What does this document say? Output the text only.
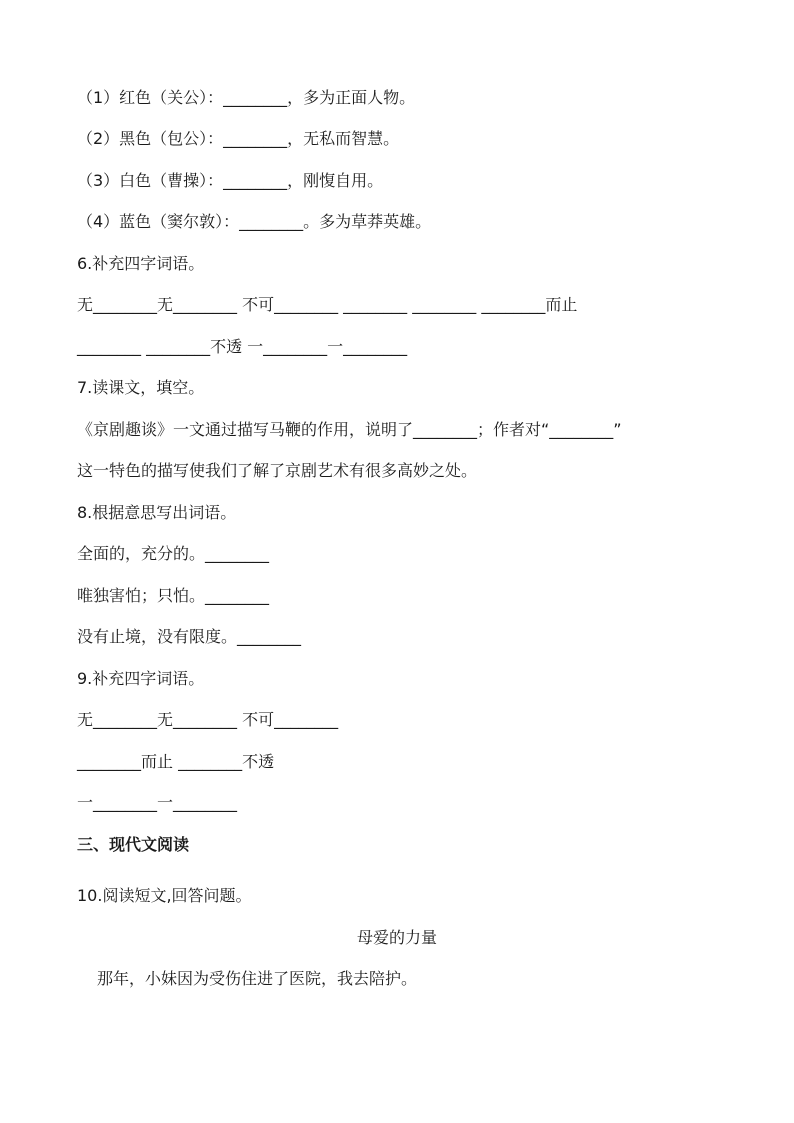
（1）红色（关公）：________，多为正面人物。
（2）黑色（包公）：________，无私而智慧。
（3）白色（曹操）：________，刚愎自用。
（4）蓝色（窦尔敦）：________。多为草莽英雄。
6.补充四字词语。
无________无________ 不可________ ________ ________ ________而止
________ ________不透 一________一________
7.读课文，填空。
《京剧趣谈》一文通过描写马鞭的作用，说明了________；作者对“________”
这一特色的描写使我们了解了京剧艺术有很多高妙之处。
8.根据意思写出词语。
全面的，充分的。________
唯独害怕；只怕。________
没有止境，没有限度。________
9.补充四字词语。
无________无________ 不可________
________而止 ________不透
一________一________
三、现代文阅读
10.阅读短文,回答问题。
母爱的力量
那年，小妹因为受伤住进了医院，我去陪护。
